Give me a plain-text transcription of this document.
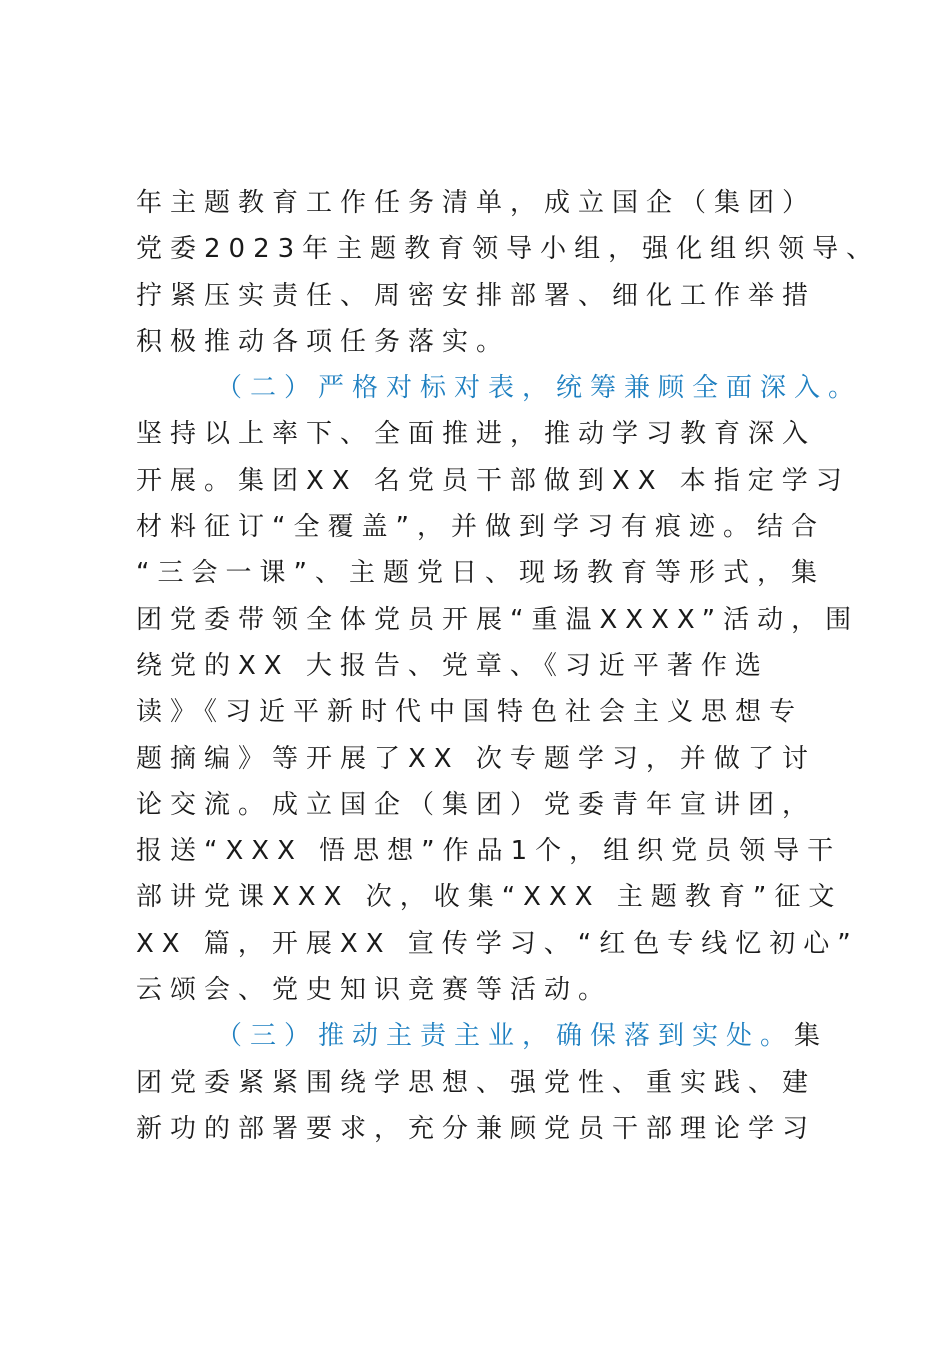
年主题教育工作任务清单，成立国企（集团）
党委2023年主题教育领导小组，强化组织领导、
拧紧压实责任、周密安排部署、细化工作举措
积极推动各项任务落实。
（二）严格对标对表，统筹兼顾全面深入。
坚持以上率下、全面推进，推动学习教育深入
开展。集团XX 名党员干部做到XX 本指定学习
材料征订“全覆盖”，并做到学习有痕迹。结合
“三会一课”、主题党日、现场教育等形式，集
团党委带领全体党员开展“重温XXXX”活动，围
绕党的XX 大报告、党章、《习近平著作选
读》《习近平新时代中国特色社会主义思想专
题摘编》等开展了XX 次专题学习，并做了讨
论交流。成立国企（集团）党委青年宣讲团，
报送“XXX 悟思想”作品1个，组织党员领导干
部讲党课XXX 次，收集“XXX 主题教育”征文
XX 篇，开展XX 宣传学习、“红色专线忆初心”
云颂会、党史知识竞赛等活动。
（三）推动主责主业，确保落到实处。集
团党委紧紧围绕学思想、强党性、重实践、建
新功的部署要求，充分兼顾党员干部理论学习
